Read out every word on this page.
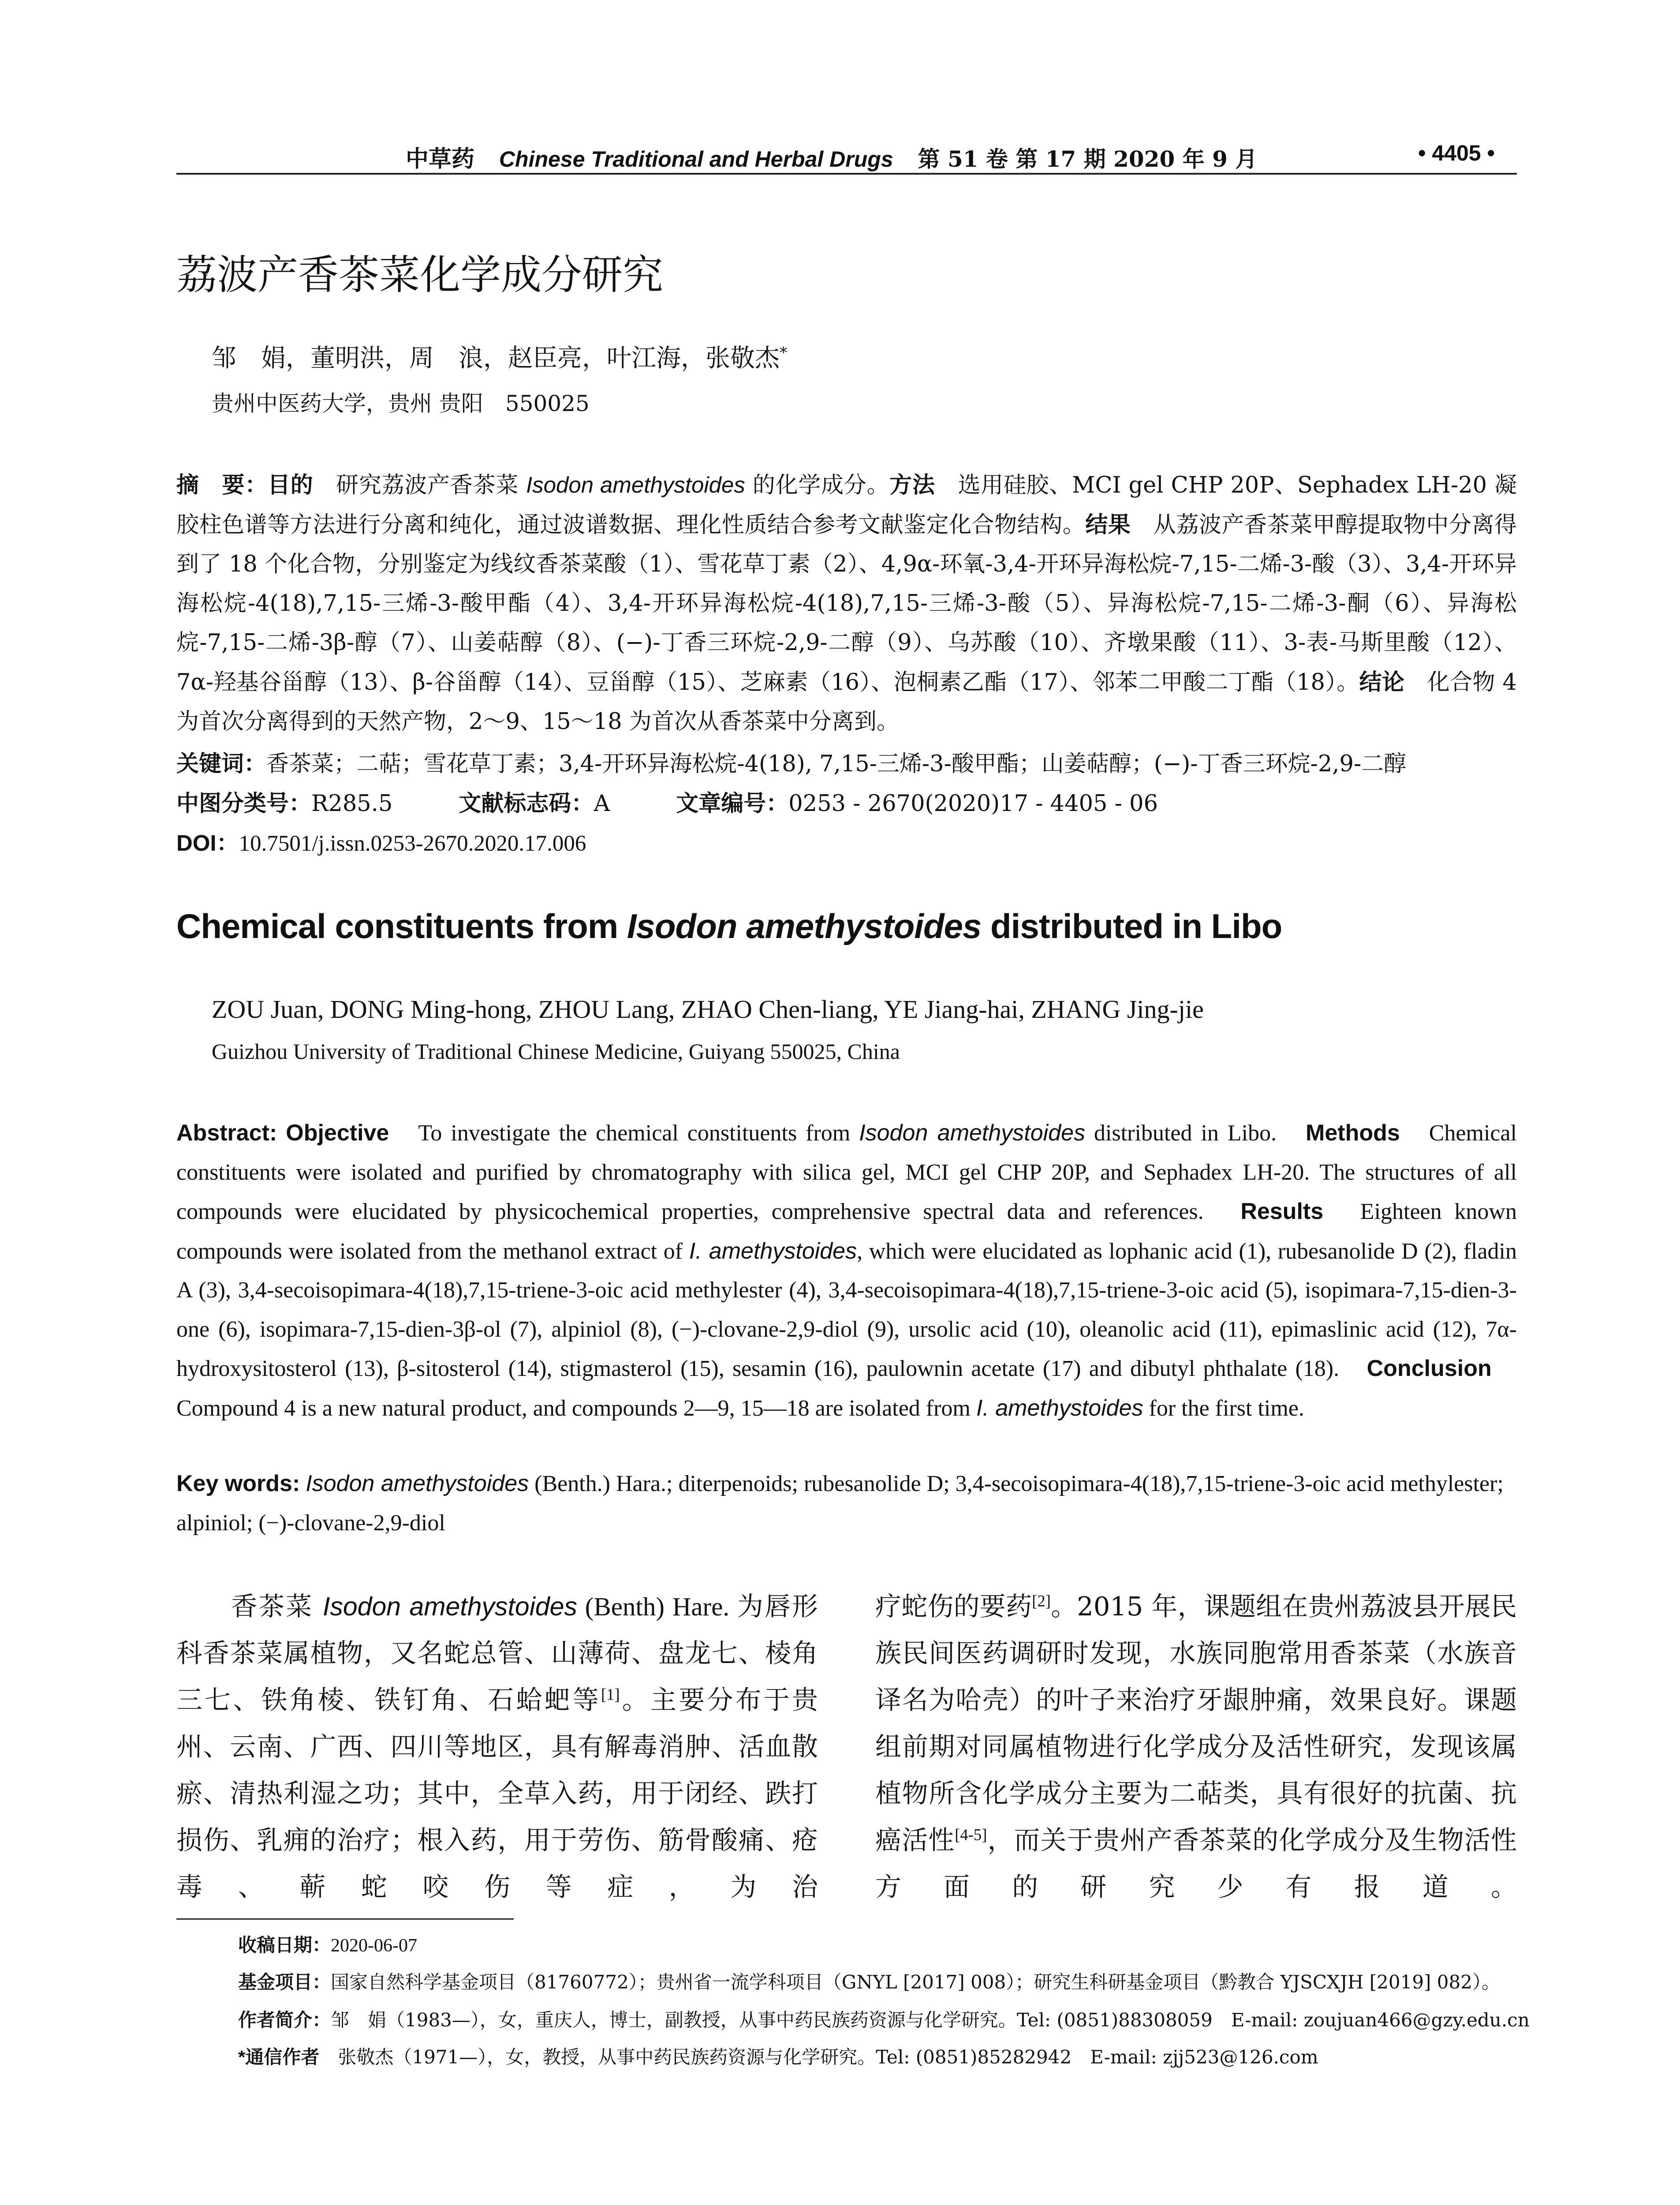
中草药 Chinese Traditional and Herbal Drugs 第 51 卷 第 17 期 2020 年 9 月	• 4405 •
荔波产香茶菜化学成分研究
邹　娟，董明洪，周　浪，赵臣亮，叶江海，张敬杰*
贵州中医药大学，贵州 贵阳　550025
摘　要：目的　研究荔波产香茶菜 Isodon amethystoides 的化学成分。方法　选用硅胶、MCI gel CHP 20P、Sephadex LH-20 凝胶柱色谱等方法进行分离和纯化，通过波谱数据、理化性质结合参考文献鉴定化合物结构。结果　从荔波产香茶菜甲醇提取物中分离得到了 18 个化合物，分别鉴定为线纹香茶菜酸（1）、雪花草丁素（2）、4,9α-环氧-3,4-开环异海松烷-7,15-二烯-3-酸（3）、3,4-开环异海松烷-4(18),7,15-三烯-3-酸甲酯（4）、3,4-开环异海松烷-4(18),7,15-三烯-3-酸（5）、异海松烷-7,15-二烯-3-酮（6）、异海松烷-7,15-二烯-3β-醇（7）、山姜萜醇（8）、(−)-丁香三环烷-2,9-二醇（9）、乌苏酸（10）、齐墩果酸（11）、3-表-马斯里酸（12）、7α-羟基谷甾醇（13）、β-谷甾醇（14）、豆甾醇（15）、芝麻素（16）、泡桐素乙酯（17）、邻苯二甲酸二丁酯（18）。结论　化合物 4 为首次分离得到的天然产物，2～9、15～18 为首次从香茶菜中分离到。
关键词：香茶菜；二萜；雪花草丁素；3,4-开环异海松烷-4(18), 7,15-三烯-3-酸甲酯；山姜萜醇；(−)-丁香三环烷-2,9-二醇
中图分类号：R285.5	文献标志码：A	文章编号：0253 - 2670(2020)17 - 4405 - 06
DOI：10.7501/j.issn.0253-2670.2020.17.006
Chemical constituents from Isodon amethystoides distributed in Libo
ZOU Juan, DONG Ming-hong, ZHOU Lang, ZHAO Chen-liang, YE Jiang-hai, ZHANG Jing-jie
Guizhou University of Traditional Chinese Medicine, Guiyang 550025, China
Abstract: Objective　To investigate the chemical constituents from Isodon amethystoides distributed in Libo.　 Methods　Chemical constituents were isolated and purified by chromatography with silica gel, MCI gel CHP 20P, and Sephadex LH-20. The structures of all compounds were elucidated by physicochemical properties, comprehensive spectral data and references.　 Results　Eighteen known compounds were isolated from the methanol extract of I. amethystoides, which were elucidated as lophanic acid (1), rubesanolide D (2), fladin A (3), 3,4-secoisopimara-4(18),7,15-triene-3-oic acid methylester (4), 3,4-secoisopimara-4(18),7,15-triene-3-oic acid (5), isopimara-7,15-dien-3-one (6), isopimara-7,15-dien-3β-ol (7), alpiniol (8), (−)-clovane-2,9-diol (9), ursolic acid (10), oleanolic acid (11), epimaslinic acid (12), 7α-hydroxysitosterol (13), β-sitosterol (14), stigmasterol (15), sesamin (16), paulownin acetate (17) and dibutyl phthalate (18).　 Conclusion　Compound 4 is a new natural product, and compounds 2—9, 15—18 are isolated from I. amethystoides for the first time.
Key words: Isodon amethystoides (Benth.) Hara.; diterpenoids; rubesanolide D; 3,4-secoisopimara-4(18),7,15-triene-3-oic acid methylester; alpiniol; (−)-clovane-2,9-diol
　　香茶菜 Isodon amethystoides (Benth) Hare. 为唇形科香茶菜属植物，又名蛇总管、山薄荷、盘龙七、棱角三七、铁角棱、铁钉角、石蛤蚆等[1]。主要分布于贵州、云南、广西、四川等地区，具有解毒消肿、活血散瘀、清热利湿之功；其中，全草入药，用于闭经、跌打损伤、乳痈的治疗；根入药，用于劳伤、筋骨酸痛、疮毒、蕲蛇咬伤等症，为治
疗蛇伤的要药[2]。2015 年，课题组在贵州荔波县开展民族民间医药调研时发现，水族同胞常用香茶菜（水族音译名为哈壳）的叶子来治疗牙龈肿痛，效果良好。课题组前期对同属植物进行化学成分及活性研究，发现该属植物所含化学成分主要为二萜类，具有很好的抗菌、抗癌活性[4-5]，而关于贵州产香茶菜的化学成分及生物活性方面的研究少有报道。
收稿日期：2020-06-07
基金项目：国家自然科学基金项目（81760772）；贵州省一流学科项目（GNYL [2017] 008）；研究生科研基金项目（黔教合 YJSCXJH [2019] 082）。
作者简介：邹　娟（1983—），女，重庆人，博士，副教授，从事中药民族药资源与化学研究。Tel: (0851)88308059　E-mail: zoujuan466@gzy.edu.cn
*通信作者　张敬杰（1971—），女，教授，从事中药民族药资源与化学研究。Tel: (0851)85282942　E-mail: zjj523@126.com
